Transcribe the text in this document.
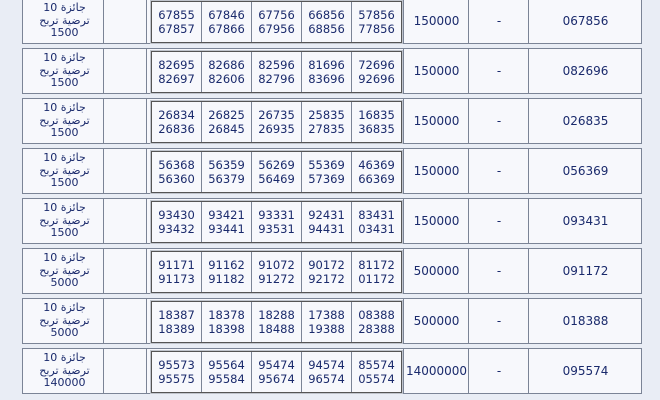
067856
-
150000
67855
67857
67846
67866
67756
67956
66856
68856
57856
77856
10 جائزة
ترضية تربح
1500
082696
-
150000
82695
82697
82686
82606
82596
82796
81696
83696
72696
92696
10 جائزة
ترضية تربح
1500
026835
-
150000
26834
26836
26825
26845
26735
26935
25835
27835
16835
36835
10 جائزة
ترضية تربح
1500
056369
-
150000
56368
56360
56359
56379
56269
56469
55369
57369
46369
66369
10 جائزة
ترضية تربح
1500
093431
-
150000
93430
93432
93421
93441
93331
93531
92431
94431
83431
03431
10 جائزة
ترضية تربح
1500
091172
-
500000
91171
91173
91162
91182
91072
91272
90172
92172
81172
01172
10 جائزة
ترضية تربح
5000
018388
-
500000
18387
18389
18378
18398
18288
18488
17388
19388
08388
28388
10 جائزة
ترضية تربح
5000
095574
-
14000000
95573
95575
95564
95584
95474
95674
94574
96574
85574
05574
10 جائزة
ترضية تربح
140000
